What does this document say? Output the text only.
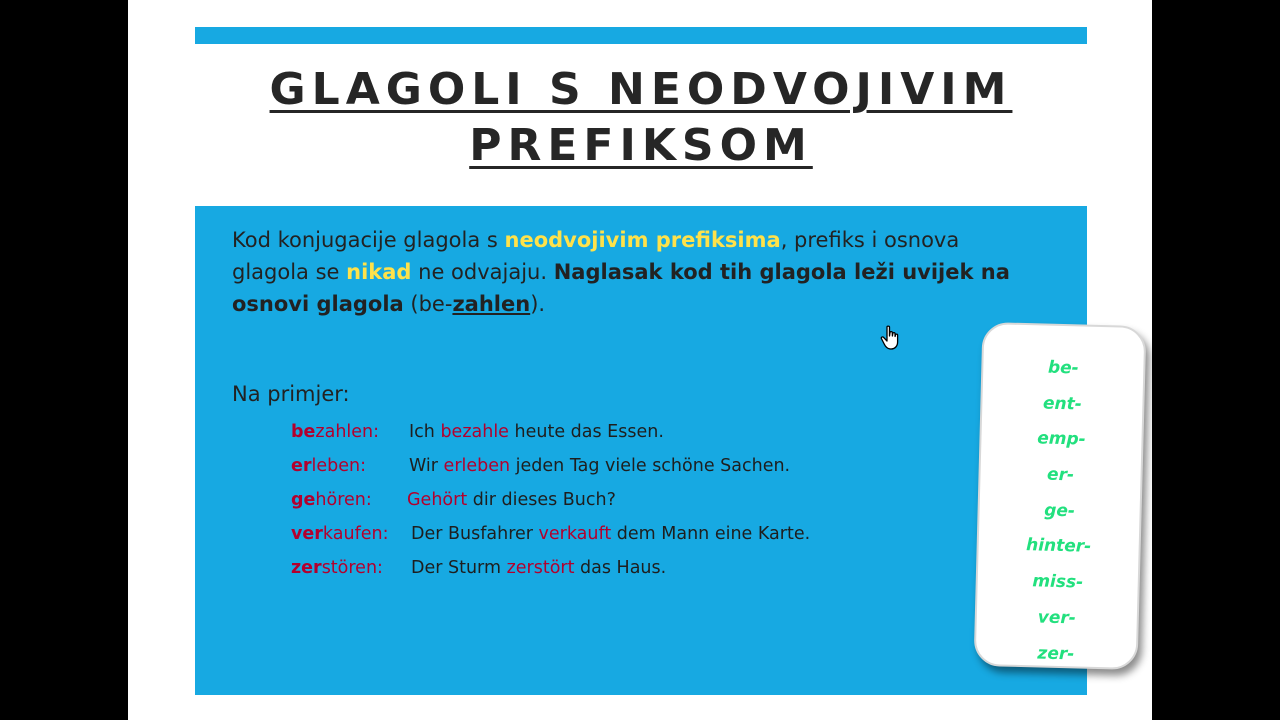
GLAGOLI S NEODVOJIVIM
PREFIKSOM
Kod konjugacije glagola s neodvojivim prefiksima, prefiks i osnova glagola se nikad ne odvajaju. Naglasak kod tih glagola leži uvijek na osnovi glagola (be-zahlen).
Na primjer:
bezahlen: Ich bezahle heute das Essen.
erleben: Wir erleben jeden Tag viele schöne Sachen.
gehören: Gehört dir dieses Buch?
verkaufen: Der Busfahrer verkauft dem Mann eine Karte.
zerstören: Der Sturm zerstört das Haus.
be-
ent-
emp-
er-
ge-
hinter-
miss-
ver-
zer-
